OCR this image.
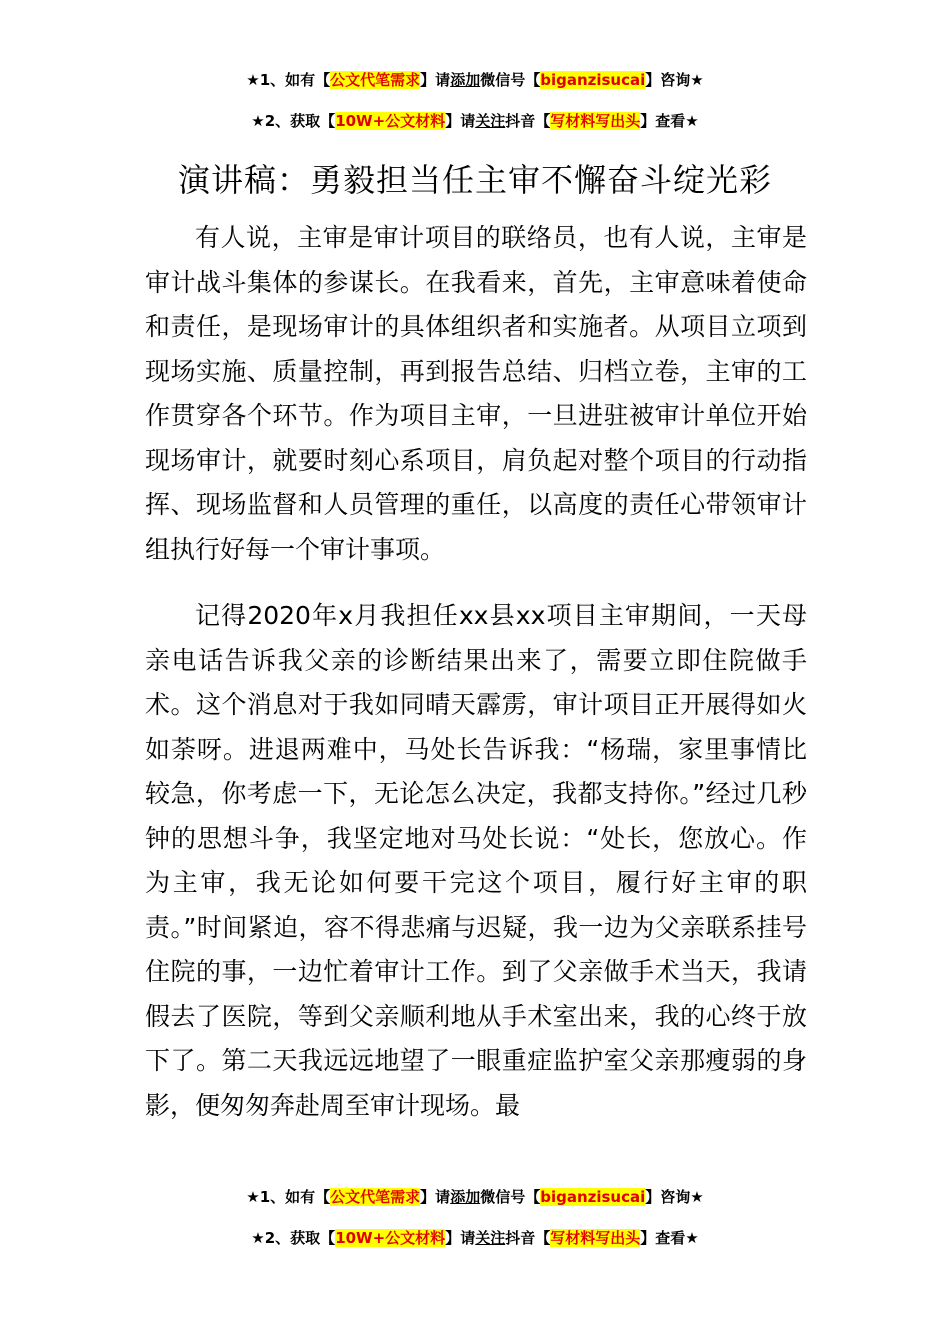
★1、如有【公文代笔需求】请添加微信号【biganzisucai】咨询★
★2、获取【10W+公文材料】请关注抖音【写材料写出头】查看★
演讲稿：勇毅担当任主审不懈奋斗绽光彩

有人说，主审是审计项目的联络员，也有人说，主审是审计战斗集体的参谋长。在我看来，首先，主审意味着使命和责任，是现场审计的具体组织者和实施者。从项目立项到现场实施、质量控制，再到报告总结、归档立卷，主审的工作贯穿各个环节。作为项目主审，一旦进驻被审计单位开始现场审计，就要时刻心系项目，肩负起对整个项目的行动指挥、现场监督和人员管理的重任，以高度的责任心带领审计组执行好每一个审计事项。

记得2020年x月我担任xx县xx项目主审期间，一天母亲电话告诉我父亲的诊断结果出来了，需要立即住院做手术。这个消息对于我如同晴天霹雳，审计项目正开展得如火如荼呀。进退两难中，马处长告诉我：“杨瑞，家里事情比较急，你考虑一下，无论怎么决定，我都支持你。”经过几秒钟的思想斗争，我坚定地对马处长说：“处长，您放心。作为主审，我无论如何要干完这个项目，履行好主审的职责。”时间紧迫，容不得悲痛与迟疑，我一边为父亲联系挂号住院的事，一边忙着审计工作。到了父亲做手术当天，我请假去了医院，等到父亲顺利地从手术室出来，我的心终于放下了。第二天我远远地望了一眼重症监护室父亲那瘦弱的身影，便匆匆奔赴周至审计现场。最

★1、如有【公文代笔需求】请添加微信号【biganzisucai】咨询★
★2、获取【10W+公文材料】请关注抖音【写材料写出头】查看★
